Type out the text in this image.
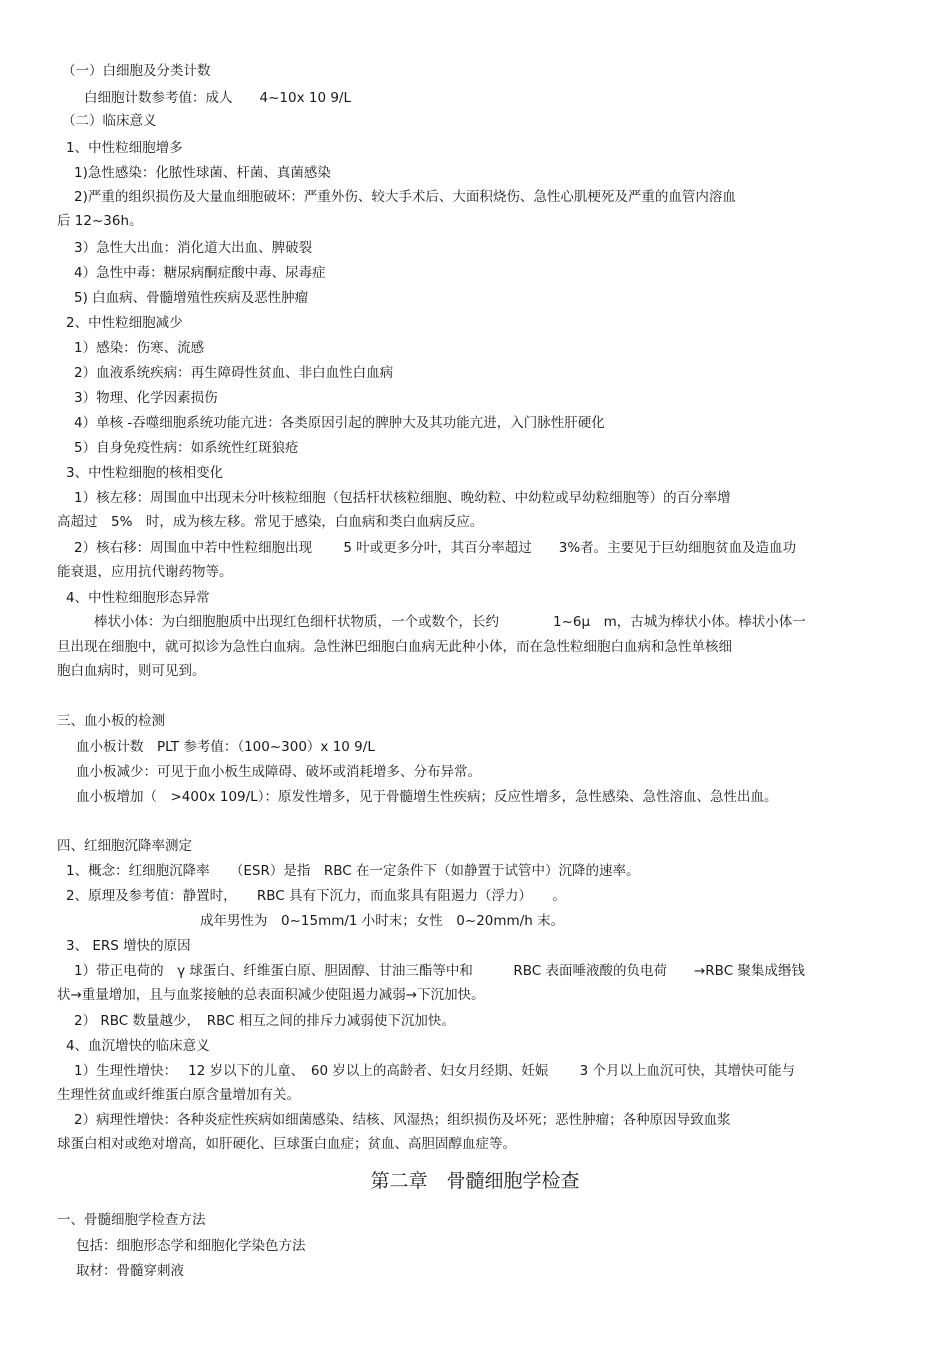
（一）白细胞及分类计数
白细胞计数参考值：成人　　4~10x 10 9/L
（二）临床意义
1、中性粒细胞增多
1)急性感染：化脓性球菌、杆菌、真菌感染
2)严重的组织损伤及大量血细胞破坏：严重外伤、较大手术后、大面积烧伤、急性心肌梗死及严重的血管内溶血
后 12~36h。
3）急性大出血：消化道大出血、脾破裂
4）急性中毒：糖尿病酮症酸中毒、尿毒症
5) 白血病、骨髓增殖性疾病及恶性肿瘤
2、中性粒细胞减少
1）感染：伤寒、流感
2）血液系统疾病：再生障碍性贫血、非白血性白血病
3）物理、化学因素损伤
4）单核 -吞噬细胞系统功能亢进：各类原因引起的脾肿大及其功能亢进，入门脉性肝硬化
5）自身免疫性病：如系统性红斑狼疮
3、中性粒细胞的核相变化
1）核左移：周围血中出现未分叶核粒细胞（包括杆状核粒细胞、晚幼粒、中幼粒或早幼粒细胞等）的百分率增
高超过　5%　时，成为核左移。常见于感染，白血病和类白血病反应。
2）核右移：周围血中若中性粒细胞出现　　 5 叶或更多分叶，其百分率超过　　3%者。主要见于巨幼细胞贫血及造血功
能衰退，应用抗代谢药物等。
4、中性粒细胞形态异常
棒状小体：为白细胞胞质中出现红色细杆状物质，一个或数个，长约　　　　1~6μ　m，古城为棒状小体。棒状小体一
旦出现在细胞中，就可拟诊为急性白血病。急性淋巴细胞白血病无此种小体，而在急性粒细胞白血病和急性单核细
胞白血病时，则可见到。
三、血小板的检测
血小板计数　PLT 参考值：（100~300）x 10 9/L
血小板减少：可见于血小板生成障碍、破坏或消耗增多、分布异常。
血小板增加（　>400x 109/L）：原发性增多，见于骨髓增生性疾病；反应性增多，急性感染、急性溶血、急性出血。
四、红细胞沉降率测定
1、概念：红细胞沉降率　　（ESR）是指　RBC 在一定条件下（如静置于试管中）沉降的速率。
2、原理及参考值：静置时，　　RBC 具有下沉力，而血浆具有阻遏力（浮力）　　。
成年男性为　0~15mm/1 小时末；女性　0~20mm/h 末。
3、 ERS 增快的原因
1）带正电荷的　γ 球蛋白、纤维蛋白原、胆固醇、甘油三酯等中和　　　RBC 表面唾液酸的负电荷　　→RBC 聚集成缗钱
状→重量增加，且与血浆接触的总表面积减少使阻遏力减弱→下沉加快。
2） RBC 数量越少，　RBC 相互之间的排斥力减弱使下沉加快。
4、血沉增快的临床意义
1）生理性增快：　 12 岁以下的儿童、　60 岁以上的高龄者、妇女月经期、妊娠　　 3 个月以上血沉可快，其增快可能与
生理性贫血或纤维蛋白原含量增加有关。
2）病理性增快：各种炎症性疾病如细菌感染、结核、风湿热；组织损伤及坏死；恶性肿瘤；各种原因导致血浆
球蛋白相对或绝对增高，如肝硬化、巨球蛋白血症；贫血、高胆固醇血症等。
第二章　骨髓细胞学检查
一、骨髓细胞学检查方法
包括：细胞形态学和细胞化学染色方法
取材：骨髓穿刺液
